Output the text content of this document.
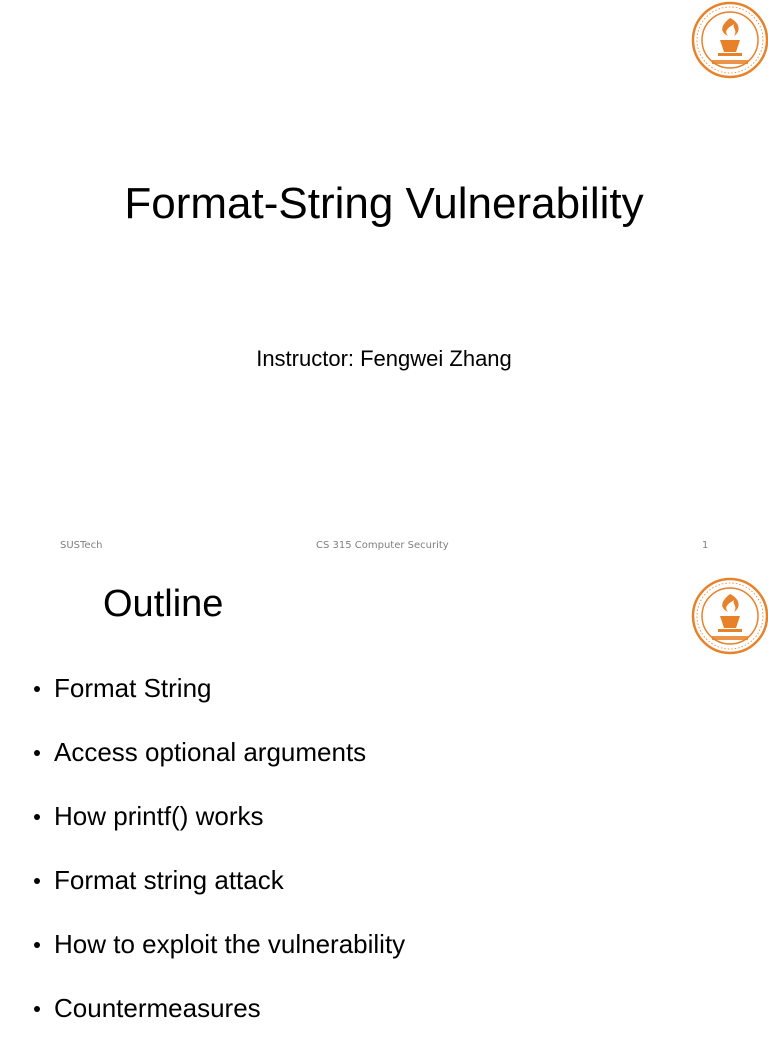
Format-String Vulnerability
Instructor: Fengwei Zhang
SUSTech	CS 315 Computer Security	1
Outline
Format String
Access optional arguments
How printf() works
Format string attack
How to exploit the vulnerability
Countermeasures
